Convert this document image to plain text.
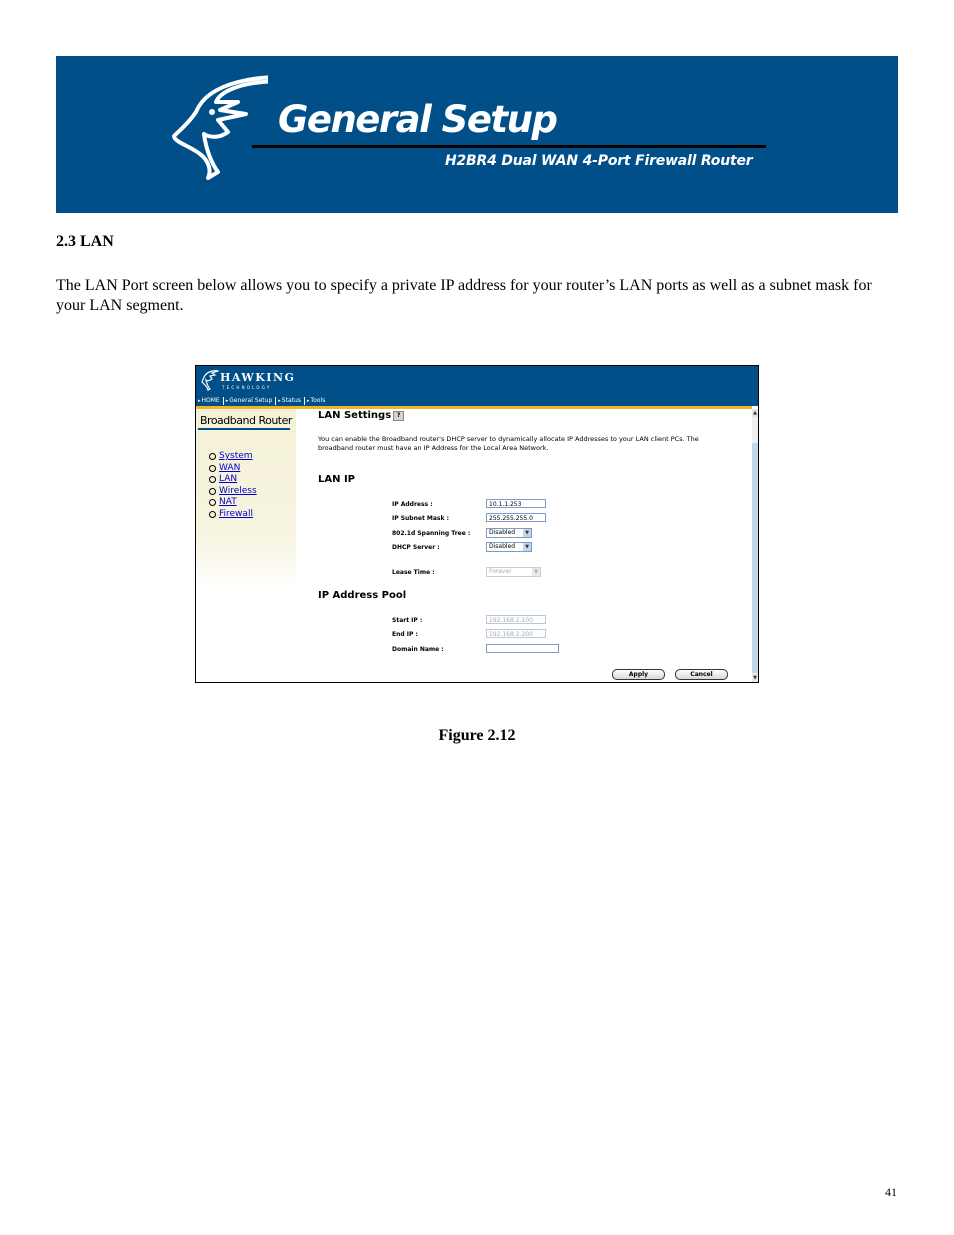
General Setup
H2BR4 Dual WAN 4-Port Firewall Router
2.3 LAN
The LAN Port screen below allows you to specify a private IP address for your router’s LAN ports as well as a subnet mask for your LAN segment.
HAWKING
TECHNOLOGY
▸ HOME	▸ General Setup	▸ Status	▸ Tools
Broadband Router
System
WAN
LAN
Wireless
NAT
Firewall
LAN Settings ?
You can enable the Broadband router's DHCP server to dynamically allocate IP Addresses to your LAN client PCs. The broadband router must have an IP Address for the Local Area Network.
LAN IP
IP Address :	10.1.1.253
IP Subnet Mask :	255.255.255.0
802.1d Spanning Tree :	Disabled	▼
DHCP Server :	Disabled	▼
Lease Time :	Forever	▼
IP Address Pool
Start IP :	192.168.2.100
End IP :	192.168.2.200
Domain Name :
Apply	Cancel
▲
▼
Figure 2.12
41
